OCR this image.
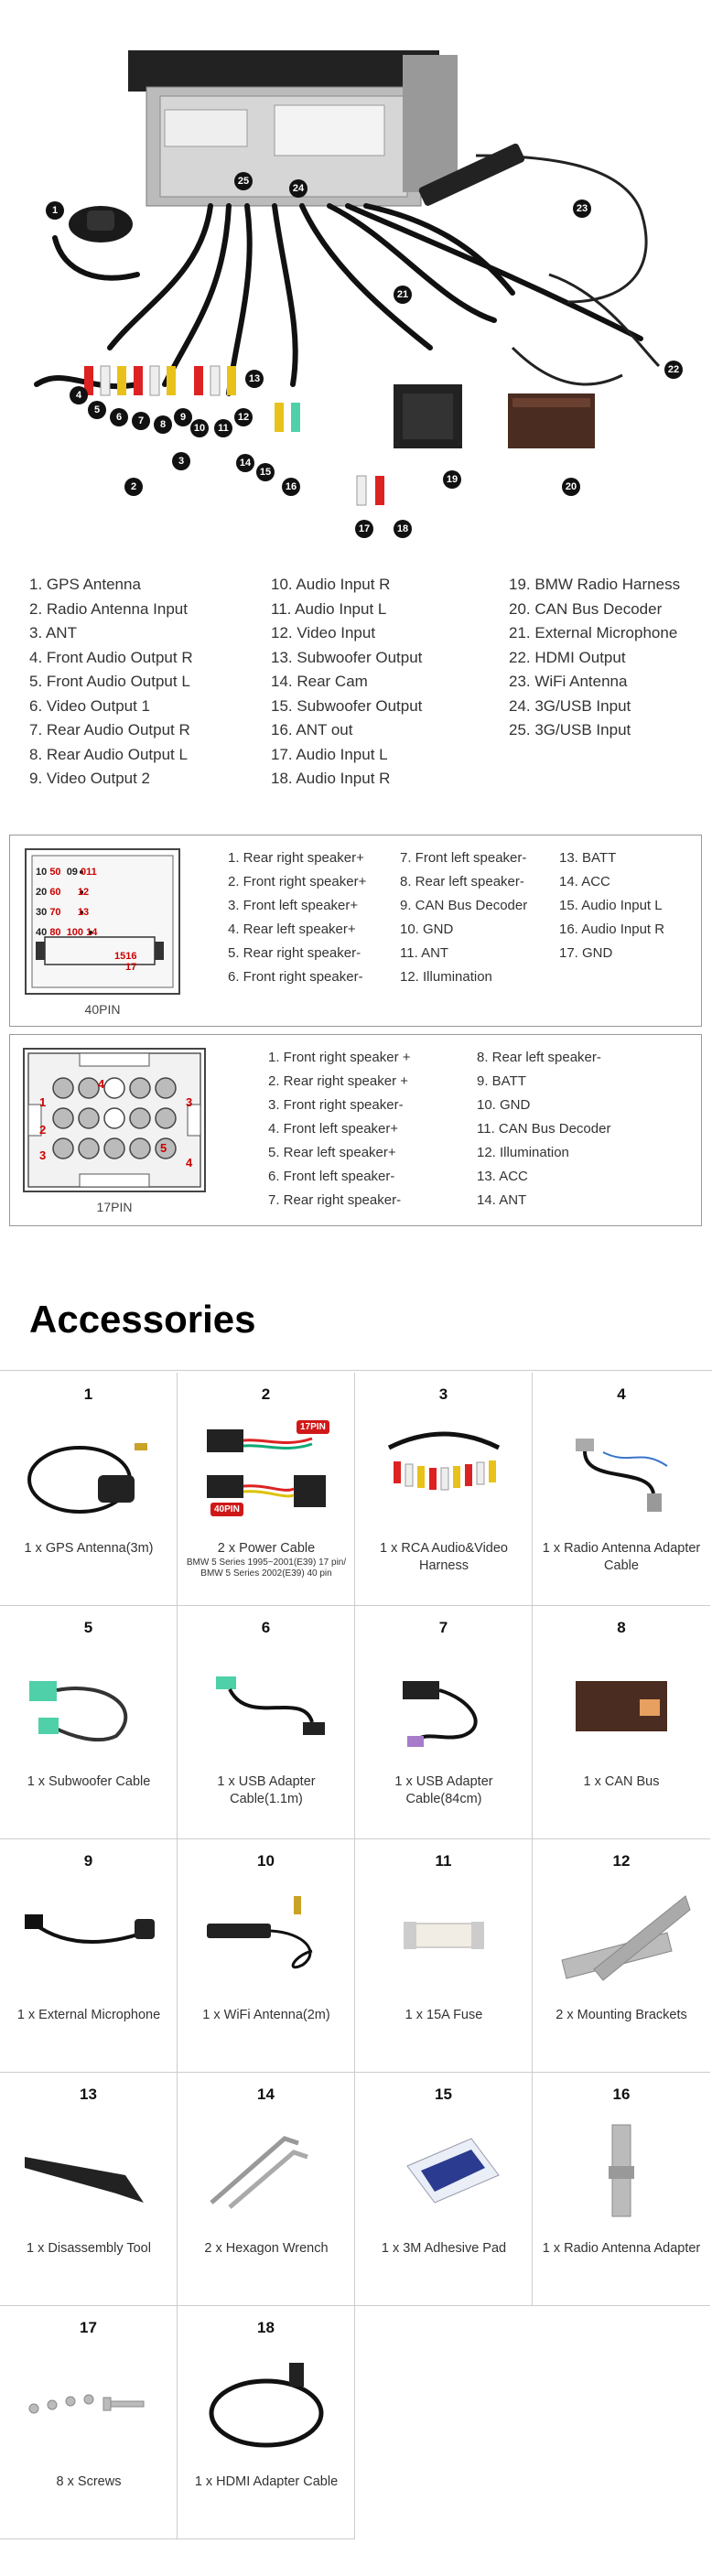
1
2
3
4
5
6	7	8
9
10	11
12
13
14
15
16
17	18
19
20
21
22
23
24
25
1. GPS Antenna
2. Radio Antenna Input
3. ANT
4. Front Audio Output R
5. Front Audio Output L
6. Video Output 1
7. Rear Audio Output R
8. Rear Audio Output L
9. Video Output 2
10. Audio Input R
11. Audio Input L
12. Video Input
13. Subwoofer Output
14. Rear Cam
15. Subwoofer Output
16. ANT out
17. Audio Input L
18. Audio Input R
19. BMW Radio Harness
20. CAN Bus Decoder
21. External Microphone
22. HDMI Output
23. WiFi Antenna
24. 3G/USB Input
25. 3G/USB Input
10 50 09 011
20 60 12
30 70 13
40 80 100 14
1516
17
40PIN
1. Rear right speaker+
2. Front right speaker+
3. Front left speaker+
4. Rear left speaker+
5. Rear right speaker-
6. Front right speaker-
7. Front left speaker-
8. Rear left speaker-
9. CAN Bus Decoder
10. GND
11. ANT
12. Illumination
13. BATT
14. ACC
15. Audio Input L
16. Audio Input R
17. GND
4
1	3
2
5
3
4
17PIN
1. Front right speaker +
2. Rear right speaker +
3. Front right speaker-
4. Front left speaker+
5. Rear left speaker+
6. Front left speaker-
7. Rear right speaker-
8. Rear left speaker-
9. BATT
10. GND
11. CAN Bus Decoder
12. Illumination
13. ACC
14. ANT
Accessories
1
1 x GPS Antenna(3m)
2
17PIN
40PIN
2 x Power Cable
BMW 5 Series 1995~2001(E39) 17 pin/ BMW 5 Series 2002(E39) 40 pin
3
1 x RCA Audio&Video Harness
4
1 x Radio Antenna Adapter Cable
5
1 x Subwoofer Cable
6
1 x USB Adapter Cable(1.1m)
7
1 x USB Adapter Cable(84cm)
8
1 x CAN Bus
9
1 x External Microphone
10
1 x WiFi Antenna(2m)
11
1 x 15A Fuse
12
2 x Mounting Brackets
13
1 x Disassembly Tool
14
2 x Hexagon Wrench
15
1 x 3M Adhesive Pad
16
1 x Radio Antenna Adapter
17
8 x Screws
18
1 x HDMI Adapter Cable
